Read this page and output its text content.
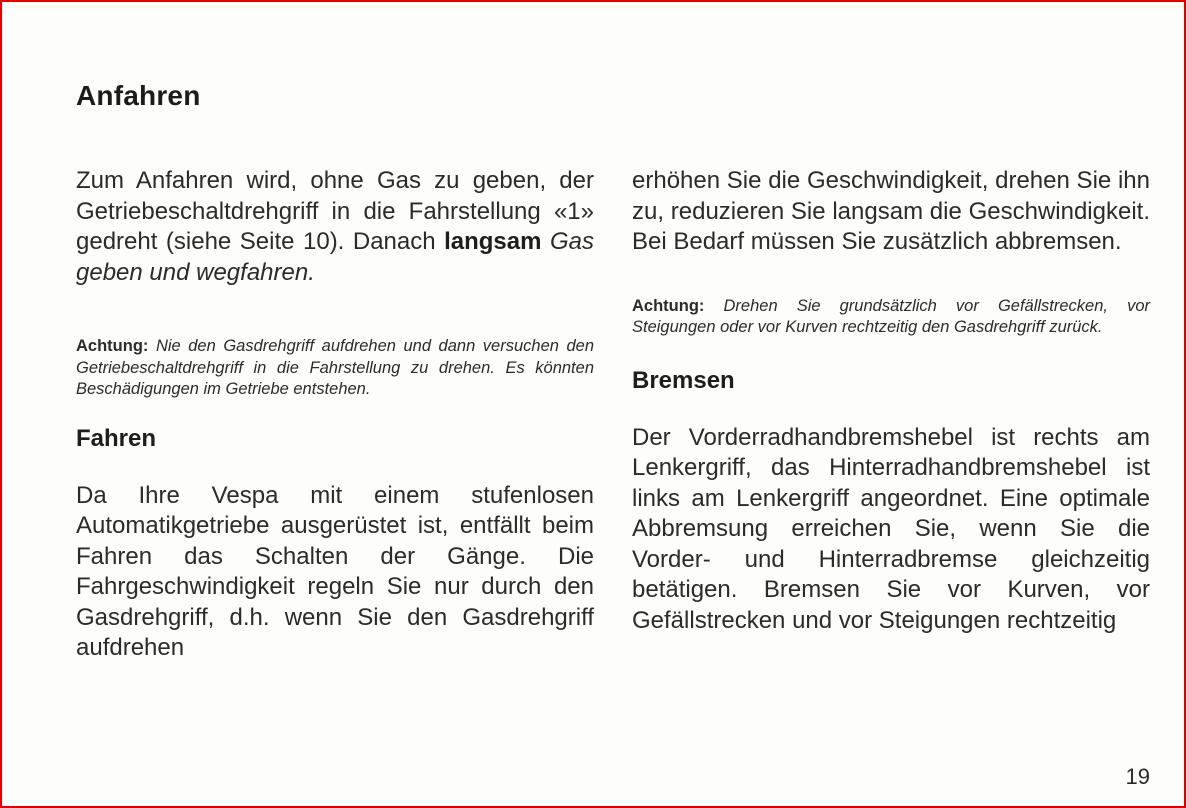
Anfahren

Zum Anfahren wird, ohne Gas zu geben, der Getriebeschaltdrehgriff in die Fahrstellung «1» gedreht (siehe Seite 10). Danach langsam Gas geben und wegfahren.

Achtung: Nie den Gasdrehgriff aufdrehen und dann versuchen den Getriebeschaltdrehgriff in die Fahrstellung zu drehen. Es könnten Beschädigungen im Getriebe entstehen.

Fahren

Da Ihre Vespa mit einem stufenlosen Automatikgetriebe ausgerüstet ist, entfällt beim Fahren das Schalten der Gänge. Die Fahrgeschwindigkeit regeln Sie nur durch den Gasdrehgriff, d.h. wenn Sie den Gasdrehgriff aufdrehen

erhöhen Sie die Geschwindigkeit, drehen Sie ihn zu, reduzieren Sie langsam die Geschwindigkeit. Bei Bedarf müssen Sie zusätzlich abbremsen.

Achtung: Drehen Sie grundsätzlich vor Gefällstrecken, vor Steigungen oder vor Kurven rechtzeitig den Gasdrehgriff zurück.

Bremsen

Der Vorderradhandbremshebel ist rechts am Lenkergriff, das Hinterradhandbremshebel ist links am Lenkergriff angeordnet. Eine optimale Abbremsung erreichen Sie, wenn Sie die Vorder- und Hinterradbremse gleichzeitig betätigen. Bremsen Sie vor Kurven, vor Gefällstrecken und vor Steigungen rechtzeitig

19
